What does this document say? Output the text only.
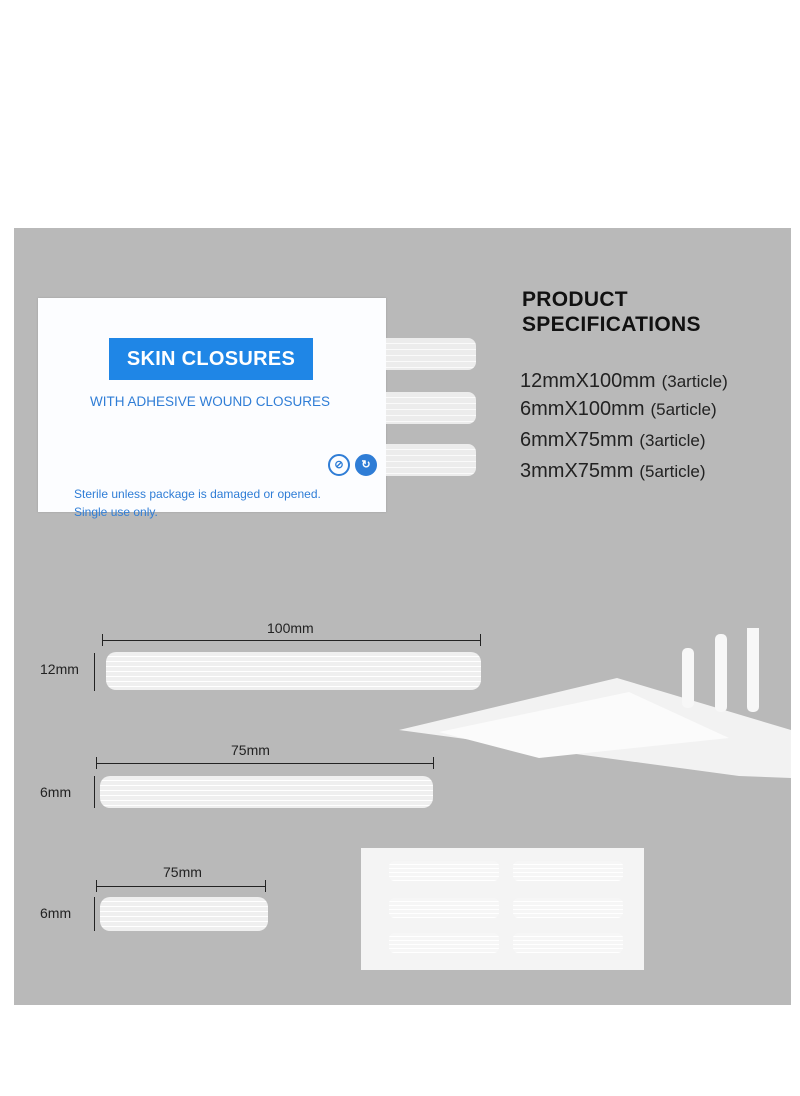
SKIN CLOSURES
WITH ADHESIVE WOUND CLOSURES
Sterile unless package is damaged or opened.
Single use only.
⊘	↻
PRODUCT
SPECIFICATIONS
12mmX100mm (3article)
6mmX100mm (5article)
6mmX75mm (3article)
3mmX75mm (5article)
100mm
12mm
75mm
6mm
75mm
6mm
